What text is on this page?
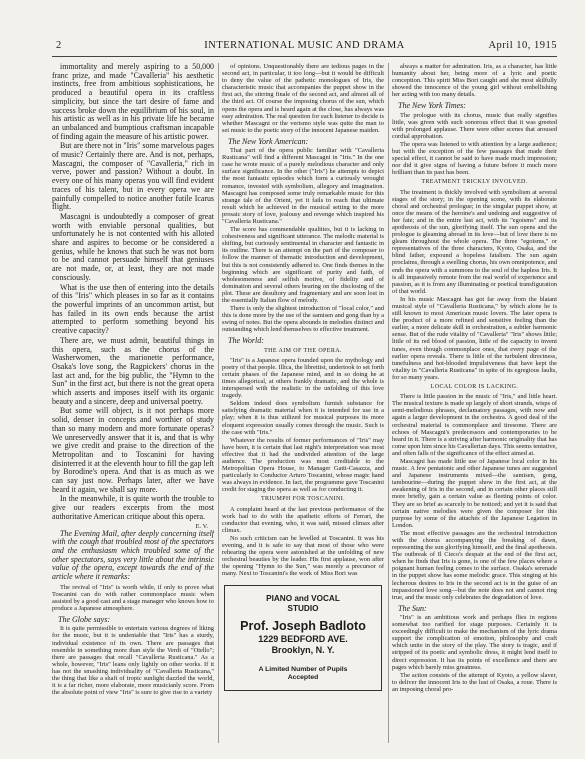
2	INTERNATIONAL MUSIC AND DRAMA	April 10, 1915

immortality and merely aspiring to a 50,000 franc prize, and made "Cavalleria" his aesthetic instincts, free from ambitious sophistications, he produced a beautiful opera in its craftless simplicity, but since the tart desire of fame and success broke down the equilibrium of his soul, in his artistic as well as in his private life he became an unbalanced and bumptious craftsman incapable of finding again the measure of his artistic power.

But are there not in "Iris" some marvelous pages of music? Certainly there are. And is not, perhaps, Mascagni, the composer of "Cavalleria," rich in verve, power and passion? Without a doubt. In every one of his many operas you will find evident traces of his talent, but in every opera we are painfully compelled to notice another futile Icarus flight.

Mascagni is undoubtedly a composer of great worth with enviable personal qualities, but unfortunately he is not contented with his alloted share and aspires to become or be considered a genius, while he knows that such he was not born to be and cannot persuade himself that geniuses are not made, or, at least, they are not made consciously.

What is the use then of entering into the details of this "Iris" which pleases in so far as it contains the powerful imprints of an uncommon artist, but has failed in its own ends because the artist attempted to perform something beyond his creative capacity?

There are, we must admit, beautiful things in this opera, such as the chorus of the Washerwomen, the marionette performance, Osaka's love song, the Ragpickers' chorus in the last act and, for the big public, the "Hymn to the Sun" in the first act, but there is not the great opera which asserts and imposes itself with its organic beauty and a sincere, deep and universal poetry.

But some will object, is it not perhaps more solid, denser in concepts and worthier of study than so many modern and more fortunate operas? We unreservedly answer that it is, and that is why we give credit and praise to the direction of the Metropolitan and to Toscanini for having disinterred it at the eleventh hour to fill the gap left by Borodine's opera. And that is as much as we can say just now. Perhaps later, after we have heard it again, we shall say more.

In the meanwhile, it is quite worth the trouble to give our readers excerpts from the most authoritative American critique about this opera.

E. V.

The Evening Mail, after deeply concerning itself with the cough that troubled most of the spectators and the enthusiasm which troubled some of the other spectators, says very little about the intrinsic value of the opera, except towards the end of the article where it remarks:

The revival of "Iris" is worth while, if only to prove what Toscanini can do with rather commonplace music when assisted by a good cast and a stage manager who knows how to produce a Japanese atmosphere.

The Globe says:

It is quite permissible to entertain various degrees of liking for the music, but it is undeniable that "Iris" has a sturdy, individual existence of its own. There are passages that resemble in something more than style the Verdi of "Otello"; there are passages that recall "Cavalleria Rusticana." As a whole, however, "Iris" leans only lightly on other works. If it has not the smashing individuality of "Cavalleria Rusticana," the thing that like a shaft of tropic sunlight dazzled the world, it is a far richer, more elaborate, more musicianly score. From the absolute point of view "Iris" is sure to give rise to a variety

of opinions. Unquestionably there are tedious pages in the second act, in particular, it too long—but it would be difficult to deny the value of the pathetic monologues of Iris, the characteristic music that accompanies the puppet show in the first act, the stirring finale of the second act, and almost all of the third act. Of course the imposing chorus of the sun, which opens the opera and is heard again at the close, has always was easy admiration. The real question for each listener to decide is whether Mascagni or the verismo style was quite the man to set music to the poetic story of the innocent Japanese maiden.

The New York American:

That part of the opera public familiar with "Cavalleria Rusticana" will find a different Mascagni in "Iris." In the one case he wrote music of a purely melodious character and only surface significance. In the other ("Iris") he attempts to depict the most fantastic episodes which form a curiously wrought romance, invested with symbolism, allegory and imagination. Mascagni has composed some truly remarkable music for this strange tale of the Orient, yet it fails to reach that ultimate result which he achieved in the musical setting to the more prosaic story of love, jealousy and revenge which inspired his "Cavalleria Rusticana."

The score has commendable qualities, but it is lacking in cohesiveness and significant utterance. The melodic material is shifting, but curiously sentimental in character and fantastic in its outline. There is an attempt on the part of the composer to follow the manner of thematic introduction and development, but this is not consistently adhered to. One finds themes in the beginning which are significant of purity and faith, of wholesomeness and selfish motive, of fidelity and of domination and several others bearing on the disclosing of the plot. These are desultory and fragmentary and are soon lost in the essentially Italian flow of melody.

There is only the slightest introduction of "local color," and this is done more by the use of the samisen and gong than by a swing of notes. But the opera abounds in melodies distinct and outstanding which lend themselves to effective treatment.

The World:
THE AIM OF THE OPERA.

"Iris" is a Japanese opera founded upon the mythology and poetry of that people. Illica, the librettist, undertook to set forth certain phases of the Japanese mind, and in so doing he at times allegorical, at others frankly dramatic, and the whole is interspersed with the realistic in the unfolding of this love tragedy.

Seldom indeed does symbolism furnish substance for satisfying dramatic material when it is intended for use in a play; when it is thus utilized for musical purposes its more eloquent expression usually comes through the music. Such is the case with "Iris."

Whatever the results of former performances of "Iris" may have been, it is certain that last night's interpretation was most effective that it had the undivided attention of the large audience. The production was most creditable to the Metropolitan Opera House, to Manager Gatti-Casazza, and particularly to Conductor Arturo Toscanini, whose magic hand was always in evidence. In fact, the programme gave Toscanini credit for staging the opera as well as for conducting it.

TRIUMPH FOR TOSCANINI.

A complaint heard at the last previous performance of the work had to do with the apathetic efforts of Ferrari, the conductor that evening, who, it was said, missed climax after climax.

No such criticism can be levelled at Toscanini. It was his evening, and it is safe to say that most of those who were rehearing the opera were astonished at the unfolding of new orchestral beauties by the leader. His first applause, won after the opening "Hymn to the Sun," was merely a precursor of many. Next to Toscanini's the work of Miss Bori was

PIANO and VOCAL
STUDIO
Prof. Joseph Badloto
1229 BEDFORD AVE.
Brooklyn, N. Y.
A Limited Number of Pupils
Accepted

always a matter for admiration. Iris, as a character, has little humanity about her, being more of a lyric and poetic conception. This spirit Miss Bori caught and she most skilfully showed the innocence of the young girl without embellishing her acting with too many details.

The New York Times:

The prologue with its chorus, music that really signifies little, was given with such sonorous effect that it was greeted with prolonged applause. There were other scenes that aroused cordial approbation.

The opera was listened to with attention by a large audience; but with the exception of the few passages that made their special effect, it cannot be said to have made much impression; nor did it give signs of having a future before it much more brilliant than its past has been.

TREATMENT TRICKLY INVOLVED.

The treatment is thickly involved with symbolism at several stages of the story; in the opening scene, with its elaborate choral and orchestral prologue; in the singular puppet show, at once the means of the heroine's and undoing and suggestive of her fate; and in the entire last act, with its "egoisms" and its apotheosis of the sun, glorifying itself. The sun opens and the prologue is gleaming abroad in its love—but of love there is no gleam throughout the whole opera. The three "egoisms," or representatives of the three characters, Kyoto, Osaka, and the blind father, expound a hopeless fatalism. The sun again proclaims, through a swelling chorus, his own omnipotence, and ends the opera with a summons to the soul of the hapless Iris. It is all impassively remote from the real world of experience and passion, as it is from any illuminating or poetical transfiguration of that world.

In his music Mascagni has got far away from the blatant musical style of "Cavalleria Rusticana," by which alone he is still known to most American music lovers. The later opera is the product of a more refined and sensitive feeling than the earlier, a more delicate skill in orchestration, a subtler harmonic sense. But of the rude vitality of "Cavalleria" "Iris" shows little; little of its red blood of passion, little of the capacity to invent tunes, even though commonplace ones, that every page of the earlier opera reveals. There is little of the turbulent directness, tunefulness and hot-blooded impulsiveness that have kept the vitality in "Cavalleria Rusticana" in spite of its egregious faults, for so many years.

LOCAL COLOR IS LACKING.

There is little passion in the music of "Iris," and little heart. The musical texture is made up largely of short strands, wisps of semi-melodious phrases, declamatory passages, with now and again a larger development in the orchestra. A good deal of the orchestral material is commonplace and tiresome. There are echoes of Mascagni's predecessors and contemporaries to be heard in it. There is a striving after harmonic originality that has come upon him since his Cavallerian days. This seems tentative, and often falls of the significance of the effect aimed at.

Mascagni has made little use of Japanese local color in his music. A few pentatonic and other Japanese tunes are suggested and Japanese instruments mixed—the samisen, gong, tambourine—during the puppet show in the first act, at the awakening of Iris in the second, and in certain other places still more briefly, gain a certain value as fleeting points of color. They are so brief as scarcely to be noticed; and yet it is said that certain native melodies were given the composer for this purpose by some of the attachés of the Japanese Legation in London.

The most effective passages are the orchestral introduction with the chorus accompanying the breaking of dawn, representing the sun glorifying himself, and the final apotheosis. The outbreak of Il Cieco's despair at the end of the first act, when he finds that Iris is gone, is one of the few places where a poignant human feeling comes to the surface. Osaka's serenade in the puppet show has some melodic grace. This singing at his lecherous desires to Iris in the second act is in the guise of an impassioned love song—but the note does not and cannot ring true, and the music only celebrates the degradation of love.

The Sun:

"Iris" is an ambitious work and perhaps flies in regions somewhat too rarified for stage purposes. Certainly it is exceedingly difficult to make the mechanism of the lyric drama support the complication of emotion, philosophy and craft which unite in the story of the play. The story is tragic, and if stripped of its poetic and symbolic dress, it might lend itself to direct expression. It has its points of excellence and there are pages which barely miss greatness.

The action consists of the attempt of Kyoto, a yellow slaver, to deliver the innocent Iris to the lust of Osaka, a roue. There is an imposing choral pro-
